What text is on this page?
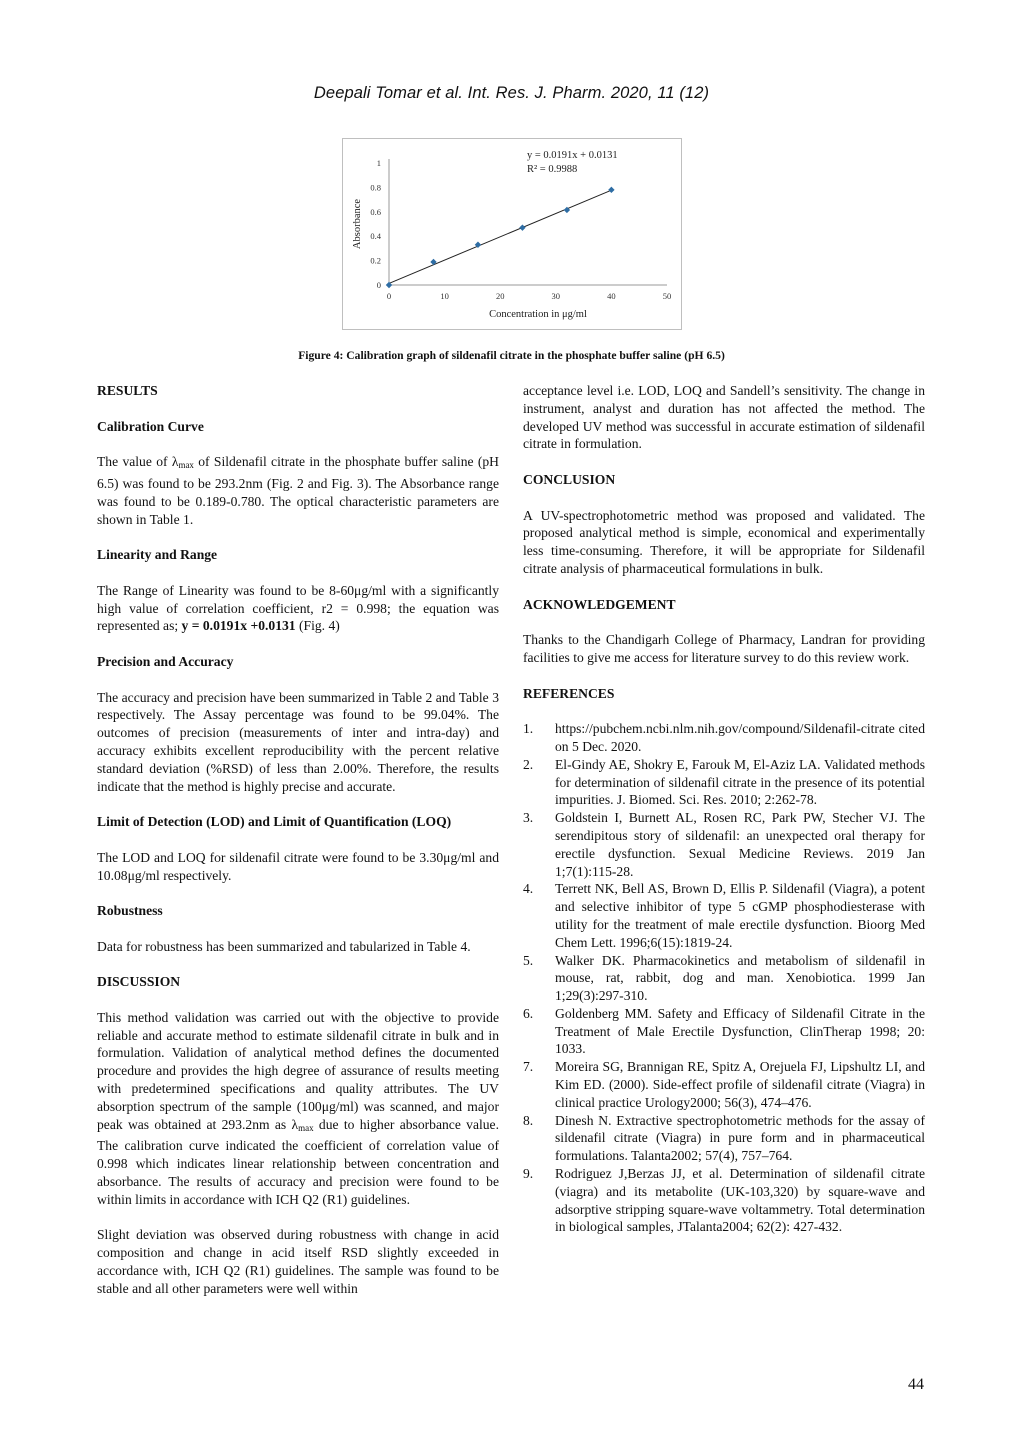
Deepali Tomar et al. Int. Res. J. Pharm. 2020, 11 (12)
0
0.2
0.4
0.6
0.8
1
0	10	20	30	40	50
y = 0.0191x + 0.0131
R² = 0.9988
Concentration in μg/ml
Absorbance
Figure 4: Calibration graph of sildenafil citrate in the phosphate buffer saline (pH 6.5)
RESULTS
Calibration Curve

The value of $\lambda_{max}$ of Sildenafil citrate in the phosphate buffer saline (pH 6.5) was found to be 293.2nm (Fig. 2 and Fig. 3). The Absorbance range was found to be 0.189-0.780. The optical characteristic parameters are shown in Table 1.

Linearity and Range

The Range of Linearity was found to be 8-60μg/ml with a significantly high value of correlation coefficient, r2 = 0.998; the equation was represented as; y = 0.0191x +0.0131 (Fig. 4)

Precision and Accuracy

The accuracy and precision have been summarized in Table 2 and Table 3 respectively. The Assay percentage was found to be 99.04%. The outcomes of precision (measurements of inter and intra-day) and accuracy exhibits excellent reproducibility with the percent relative standard deviation (%RSD) of less than 2.00%. Therefore, the results indicate that the method is highly precise and accurate.

Limit of Detection (LOD) and Limit of Quantification (LOQ)

The LOD and LOQ for sildenafil citrate were found to be 3.30μg/ml and 10.08μg/ml respectively.

Robustness

Data for robustness has been summarized and tabularized in Table 4.

DISCUSSION

This method validation was carried out with the objective to provide reliable and accurate method to estimate sildenafil citrate in bulk and in formulation. Validation of analytical method defines the documented procedure and provides the high degree of assurance of results meeting with predetermined specifications and quality attributes. The UV absorption spectrum of the sample (100μg/ml) was scanned, and major peak was obtained at 293.2nm as $\lambda_{max}$ due to higher absorbance value. The calibration curve indicated the coefficient of correlation value of 0.998 which indicates linear relationship between concentration and absorbance. The results of accuracy and precision were found to be within limits in accordance with ICH Q2 (R1) guidelines.

Slight deviation was observed during robustness with change in acid composition and change in acid itself RSD slightly exceeded in accordance with, ICH Q2 (R1) guidelines. The sample was found to be stable and all other parameters were well within

acceptance level i.e. LOD, LOQ and Sandell’s sensitivity. The change in instrument, analyst and duration has not affected the method. The developed UV method was successful in accurate estimation of sildenafil citrate in formulation.

CONCLUSION

A UV-spectrophotometric method was proposed and validated. The proposed analytical method is simple, economical and experimentally less time-consuming. Therefore, it will be appropriate for Sildenafil citrate analysis of pharmaceutical formulations in bulk.

ACKNOWLEDGEMENT

Thanks to the Chandigarh College of Pharmacy, Landran for providing facilities to give me access for literature survey to do this review work.

REFERENCES
1. https://pubchem.ncbi.nlm.nih.gov/compound/Sildenafil-citrate cited on 5 Dec. 2020.
2. El-Gindy AE, Shokry E, Farouk M, El-Aziz LA. Validated methods for determination of sildenafil citrate in the presence of its potential impurities. J. Biomed. Sci. Res. 2010; 2:262-78.
3. Goldstein I, Burnett AL, Rosen RC, Park PW, Stecher VJ. The serendipitous story of sildenafil: an unexpected oral therapy for erectile dysfunction. Sexual Medicine Reviews. 2019 Jan 1;7(1):115-28.
4. Terrett NK, Bell AS, Brown D, Ellis P. Sildenafil (Viagra), a potent and selective inhibitor of type 5 cGMP phosphodiesterase with utility for the treatment of male erectile dysfunction. Bioorg Med Chem Lett. 1996;6(15):1819-24.
5. Walker DK. Pharmacokinetics and metabolism of sildenafil in mouse, rat, rabbit, dog and man. Xenobiotica. 1999 Jan 1;29(3):297-310.
6. Goldenberg MM. Safety and Efficacy of Sildenafil Citrate in the Treatment of Male Erectile Dysfunction, ClinTherap 1998; 20: 1033.
7. Moreira SG, Brannigan RE, Spitz A, Orejuela FJ, Lipshultz LI, and Kim ED. (2000). Side-effect profile of sildenafil citrate (Viagra) in clinical practice Urology2000; 56(3), 474–476.
8. Dinesh N. Extractive spectrophotometric methods for the assay of sildenafil citrate (Viagra) in pure form and in pharmaceutical formulations. Talanta2002; 57(4), 757–764.
9. Rodriguez J,Berzas JJ, et al. Determination of sildenafil citrate (viagra) and its metabolite (UK-103,320) by square-wave and adsorptive stripping square-wave voltammetry. Total determination in biological samples, JTalanta2004; 62(2): 427-432.
44
